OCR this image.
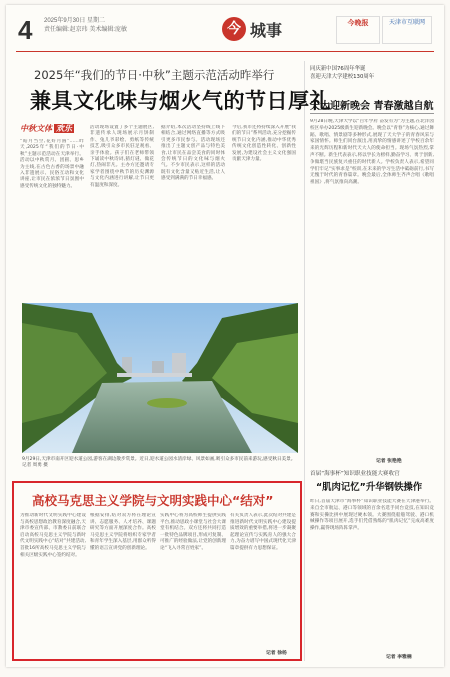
4 2025年9月30日 星期二
责任编辑:赵京玮 美术编辑:庞敏	今 城事	今晚报	天津市互联网
2025年“我们的节日·中秋”主题示范活动昨举行
兼具文化味与烟火气的节日厚礼
中秋文体 欢乐
“皓月当空,花好月圆”……昨天,2025年“我们的节日·中秋”主题示范活动在天津举行。活动以中秋赏月、团圆、思乡为主线,在古色古香的场景中融入非遗展示、民俗互动和文化讲座,让市民在浓浓节日氛围中感受传统文化的独特魅力。
活动现场设置了多个主题展区,非遗传承人现场展示月饼制作、兔儿爷彩绘、剪纸等传统技艺,吸引众多市民驻足观看、亲手体验。孩子们在老师带领下诵读中秋诗词,猜灯谜、做花灯,热闹非凡。主办方还邀请专家学者围绕中秋节的历史渊源与文化内涵进行讲解,让节日更有温度和深度。
据介绍,本次活动坚持线上线下相结合,通过网络直播等方式吸引更多市民参与。活动现场还推出了主题文创产品与特色美食,让市民在品尝美食的同时体会传统节日的文化味与烟火气。不少市民表示,这样的活动既有文化含量又贴近生活,让人感受到满满的节日幸福感。
今后,我市还将持续深入开展“我们的节日”系列活动,充分挖掘传统节日文化内涵,推动中华优秀传统文化创造性转化、创新性发展,为建设社会主义文化强国贡献天津力量。
9月29日,天津市南开区迎水道公园,游客在湖边散步赏景。近日,迎水道公园水清岸绿、风景如画,吸引众多市民前来游玩,感受秋日美景。 记者 周勇 摄
同庆新中国76周年华诞
喜迎天津大学建校130周年
天大迎新晚会 青春激越自航
9月28日晚,天津大学以“百年学府 奋发有为”为主题,在北洋园校区举办2025级新生迎新晚会。晚会以“青春”为核心,通过舞蹈、歌唱、情景剧等多种形式,展现了天大学子的青春风采与家国情怀。师生们同台演出,用真挚的情感讲述了学校百余年来的光辉历程和新时代天大人的使命担当。现场气氛热烈,掌声不断。新生代表表示,将以学长为榜样,勤奋学习、勇于创新,争做堪当民族复兴重任的时代新人。学校负责人表示,希望同学们牢记“实事求是”校训,在未来的学习生活中砥砺前行,书写无愧于时代的青春篇章。晚会最后,全体师生齐声合唱《歌唱祖国》,将气氛推向高潮。
记者 张艳艳
首届“海事杯”知识职业技能大赛收官
“肌肉记忆”升华钢铁操作
昨日,首届天津市“海事杯”知识职业技能大赛在天津港举行。来自全市航运、港口等领域的百余名选手同台竞技,在知识竞赛和实操比拼中展现过硬本领。大赛围绕船舶驾驶、港口机械操作等项目展开,选手们凭借熟练的“肌肉记忆”完成高难度操作,赢得现场阵阵掌声。
记者 李雅楠
高校马克思主义学院与文明实践中心“结对”
为推动新时代文明实践中心建设与高校思想政治教育深度融合,天津市委宣传部、市教委日前联合启动高校马克思主义学院与新时代文明实践中心“结对”共建活动,首批16所高校马克思主义学院与相关区级实践中心签约结对。
根据安排,结对双方将在理论宣讲、志愿服务、人才培养、课题研究等方面开展深度合作。高校马克思主义学院将组织专家学者和青年学生深入基层,用群众听得懂的语言宣讲党的创新理论。
实践中心将为高校师生提供实践平台,推动思政小课堂与社会大课堂有机结合。双方还将共同打造一批特色品牌项目,形成可复制、可推广的经验做法,让党的创新理论“飞入寻常百姓家”。
有关负责人表示,此次结对共建是推进新时代文明实践中心建设提质增效的重要举措,将进一步凝聚起理论宣传与实践育人的强大合力,为奋力谱写中国式现代化天津篇章提供有力思想保证。
记者 徐杨
